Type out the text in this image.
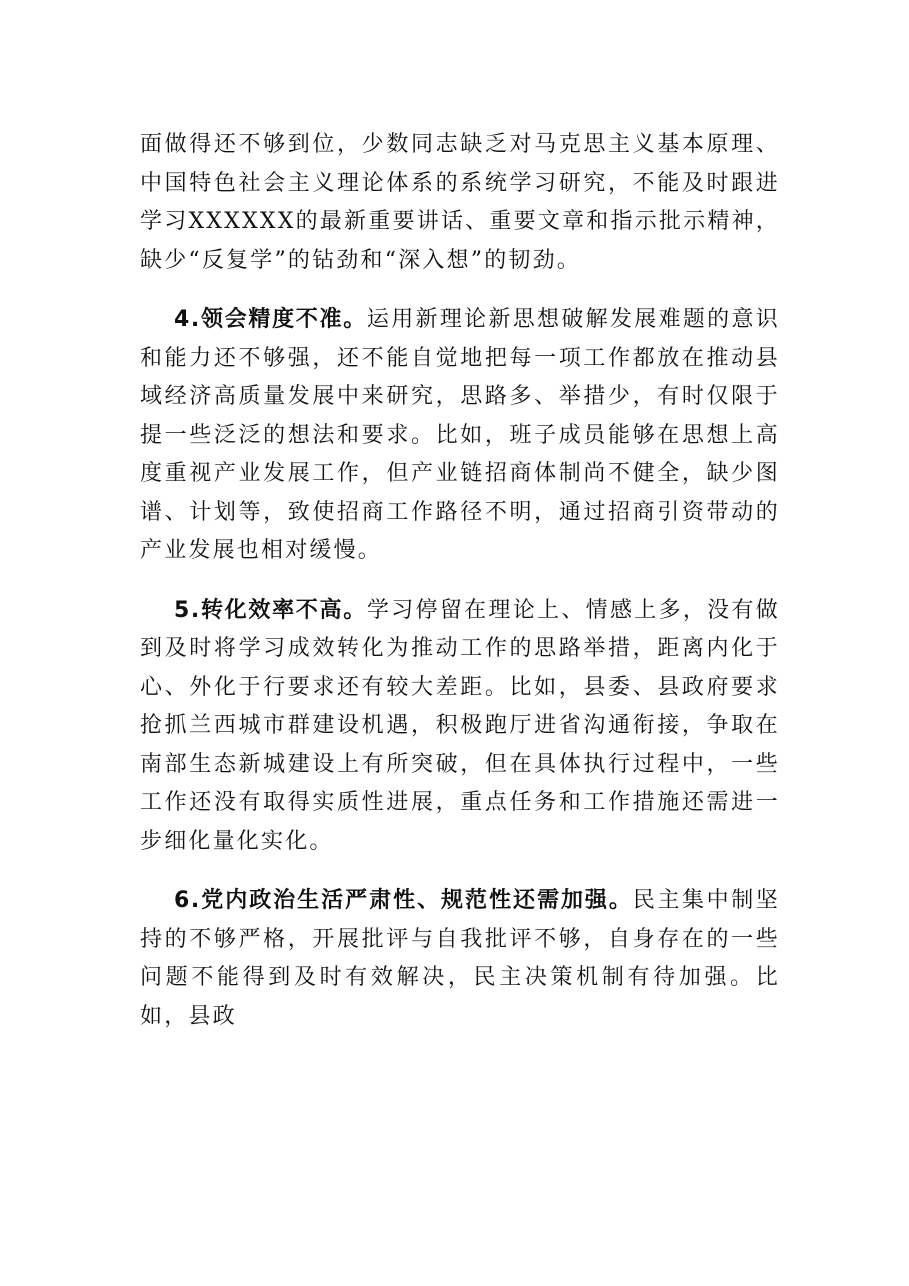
面做得还不够到位，少数同志缺乏对马克思主义基本原理、中国特色社会主义理论体系的系统学习研究，不能及时跟进学习XXXXXX的最新重要讲话、重要文章和指示批示精神，缺少“反复学”的钻劲和“深入想”的韧劲。

4.领会精度不准。运用新理论新思想破解发展难题的意识和能力还不够强，还不能自觉地把每一项工作都放在推动县域经济高质量发展中来研究，思路多、举措少，有时仅限于提一些泛泛的想法和要求。比如，班子成员能够在思想上高度重视产业发展工作，但产业链招商体制尚不健全，缺少图谱、计划等，致使招商工作路径不明，通过招商引资带动的产业发展也相对缓慢。

5.转化效率不高。学习停留在理论上、情感上多，没有做到及时将学习成效转化为推动工作的思路举措，距离内化于心、外化于行要求还有较大差距。比如，县委、县政府要求抢抓兰西城市群建设机遇，积极跑厅进省沟通衔接，争取在南部生态新城建设上有所突破，但在具体执行过程中，一些工作还没有取得实质性进展，重点任务和工作措施还需进一步细化量化实化。

6.党内政治生活严肃性、规范性还需加强。民主集中制坚持的不够严格，开展批评与自我批评不够，自身存在的一些问题不能得到及时有效解决，民主决策机制有待加强。比如，县政
